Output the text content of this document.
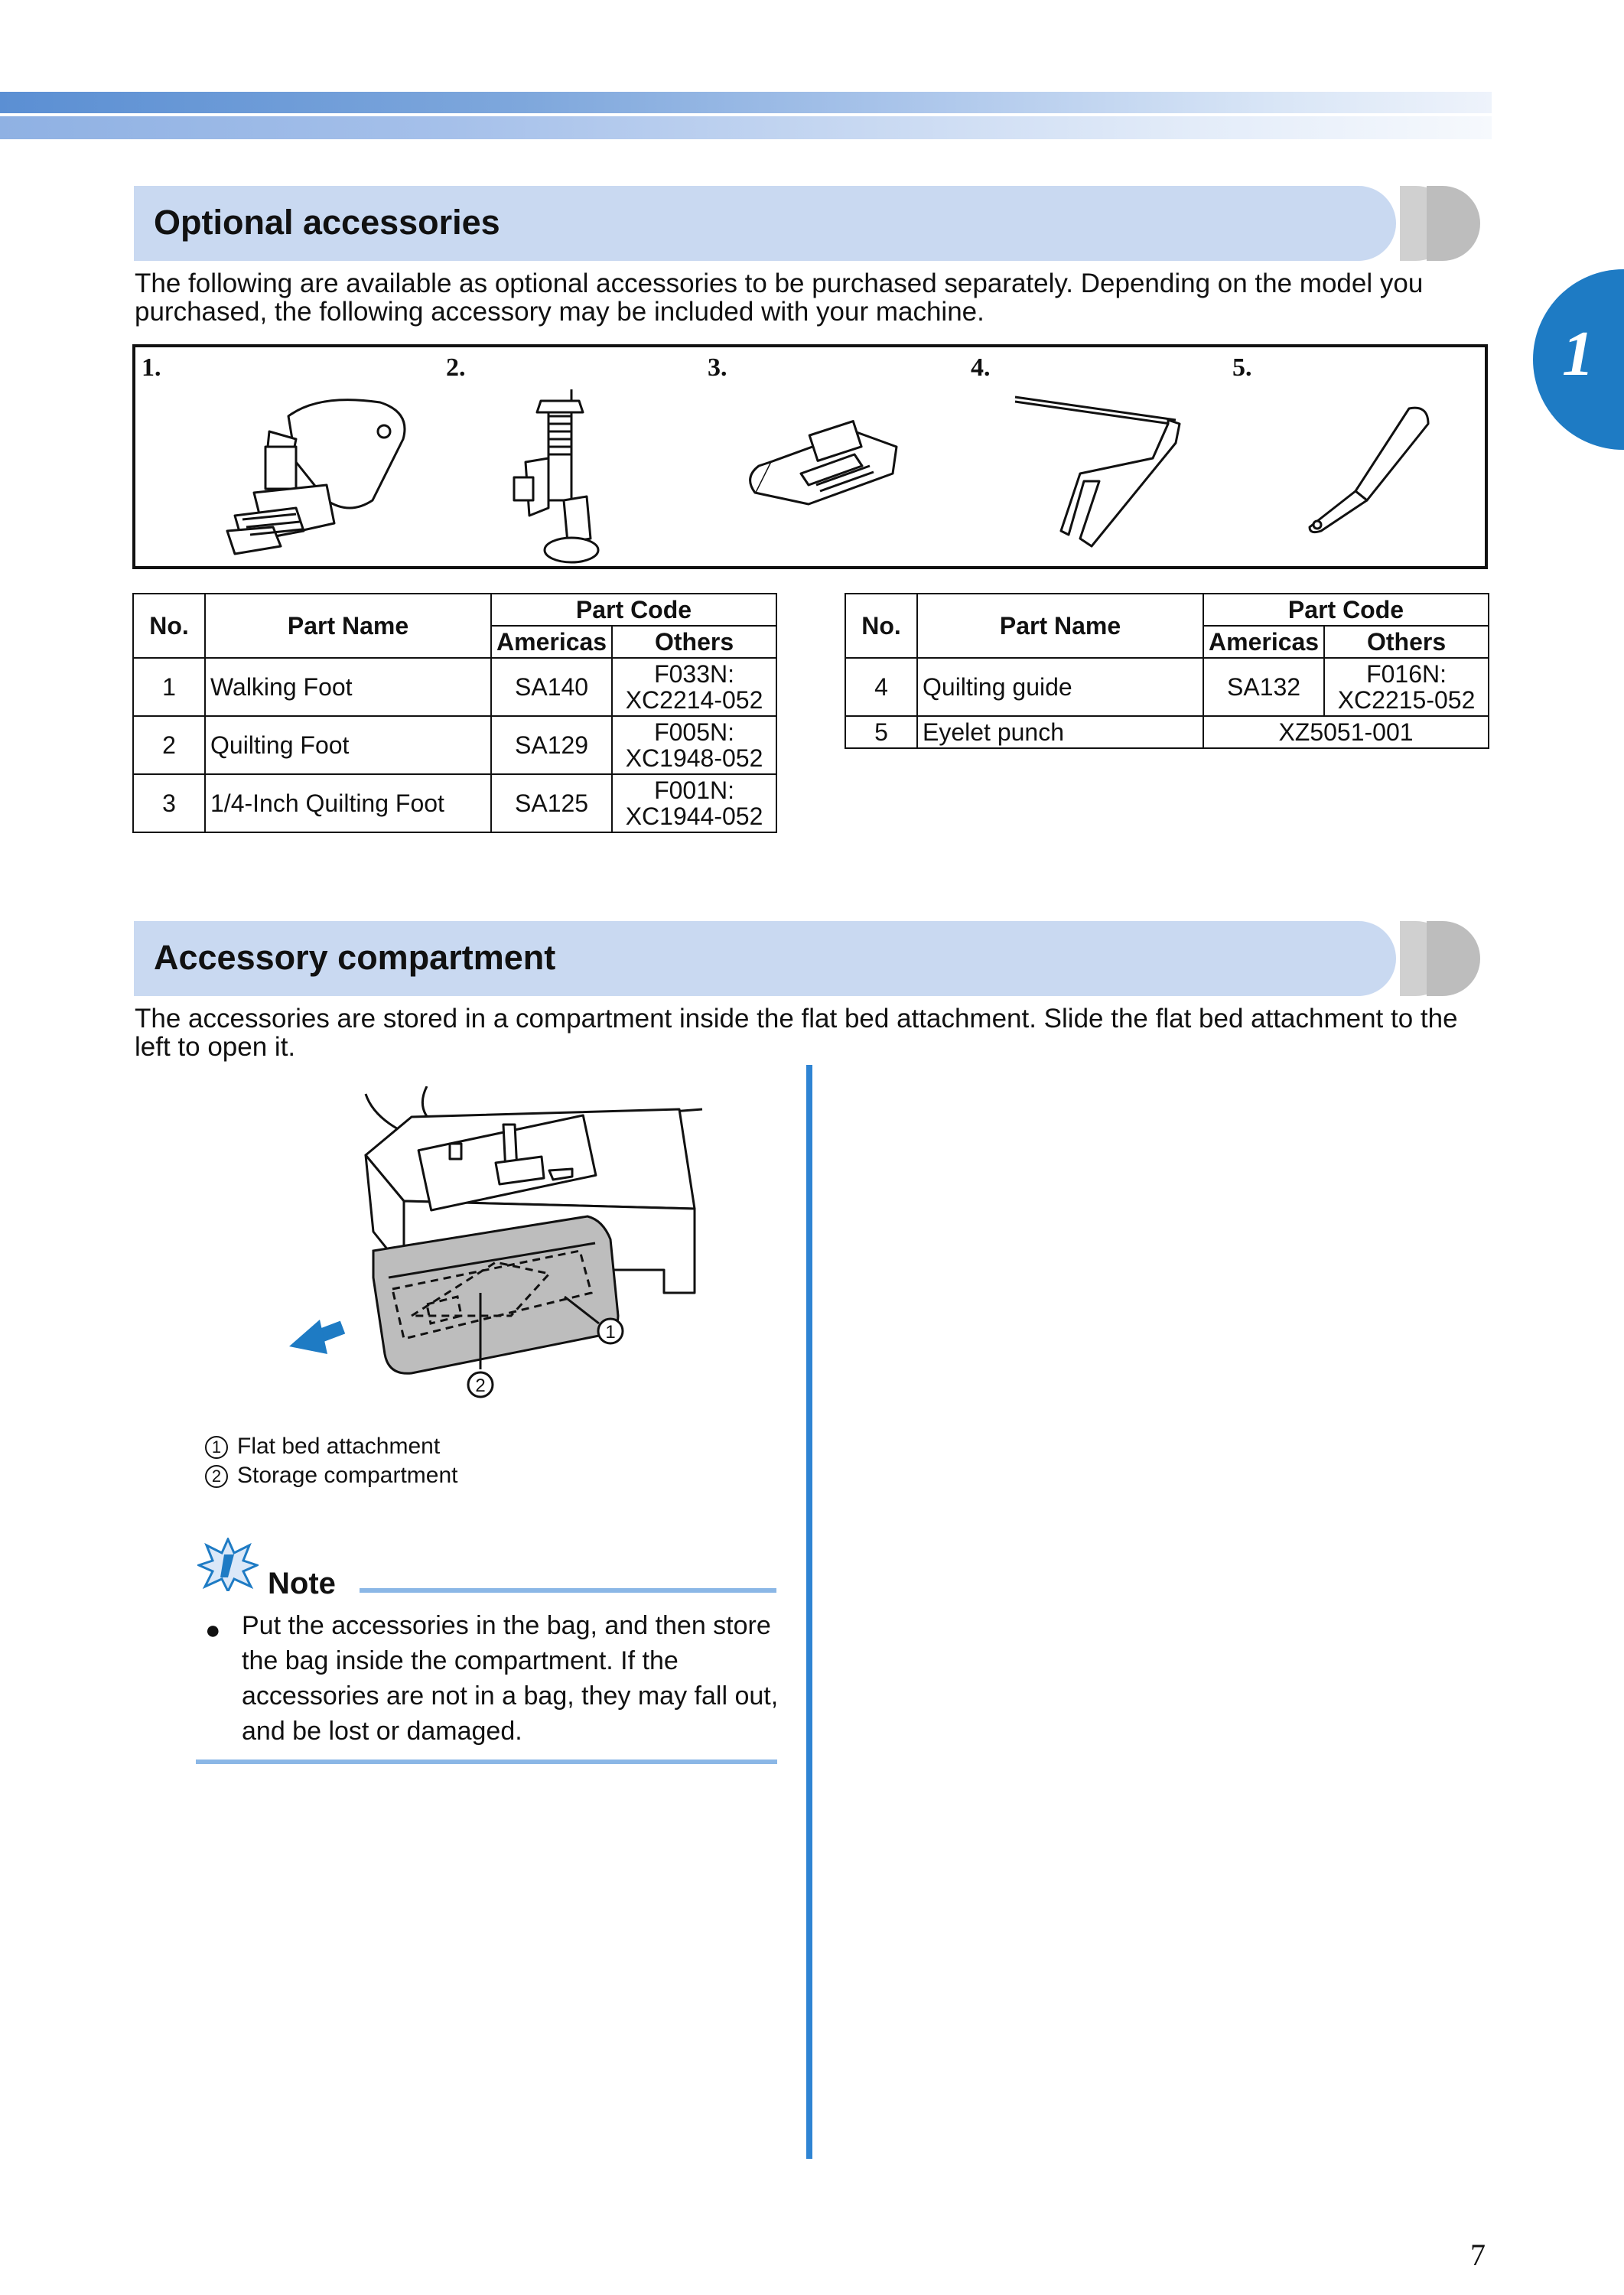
1
Optional accessories
The following are available as optional accessories to be purchased separately. Depending on the model you purchased, the following accessory may be included with your machine.
1.	2.	3.	4.	5.
No.	Part Name	Part Code	
		Americas	Others
1	Walking Foot	SA140	F033N:
XC2214-052

2	Quilting Foot	SA129	F005N:
XC1948-052

3	1/4-Inch Quilting Foot	SA125	F001N:
XC1944-052
No.	Part Name	Part Code	
		Americas	Others
4	Quilting guide	SA132	F016N:
XC2215-052

5	Eyelet punch	XZ5051-001	
Accessory compartment
The accessories are stored in a compartment inside the flat bed attachment. Slide the flat bed attachment to the left to open it.
1
2
1 Flat bed attachment
2 Storage compartment
Note
● Put the accessories in the bag, and then store the bag inside the compartment. If the accessories are not in a bag, they may fall out, and be lost or damaged.
7
